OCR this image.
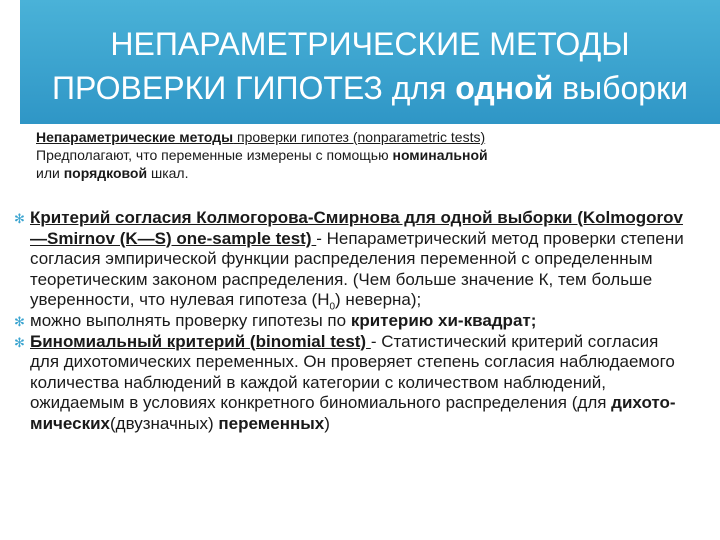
НЕПАРАМЕТРИЧЕСКИЕ МЕТОДЫ
ПРОВЕРКИ ГИПОТЕЗ для одной выборки

Непараметрические методы проверки гипотез (nonparametric tests)
Предполагают, что переменные измерены с помощью номинальной
или порядковой шкал.

✻ Критерий согласия Колмогорова-Смирнова для одной выборки (Kolmogorov—Smirnov (K—S) one-sample test) - Непараметрический метод проверки степени согласия эмпирической функции распределения переменной с определенным теоретическим законом распределения. (Чем больше значение К, тем больше уверенности, что нулевая гипотеза $(Н_0)$ неверна);
✻ можно выполнять проверку гипотезы по критерию хи-квадрат;
✻ Биномиальный критерий (binomial test) - Статистический критерий согласия для дихотомических переменных. Он проверяет степень согласия наблюдаемого количества наблюдений в каждой категории с количеством наблюдений, ожидаемым в условиях конкретного биномиального распределения (для дихото-мических(двузначных) переменных)
